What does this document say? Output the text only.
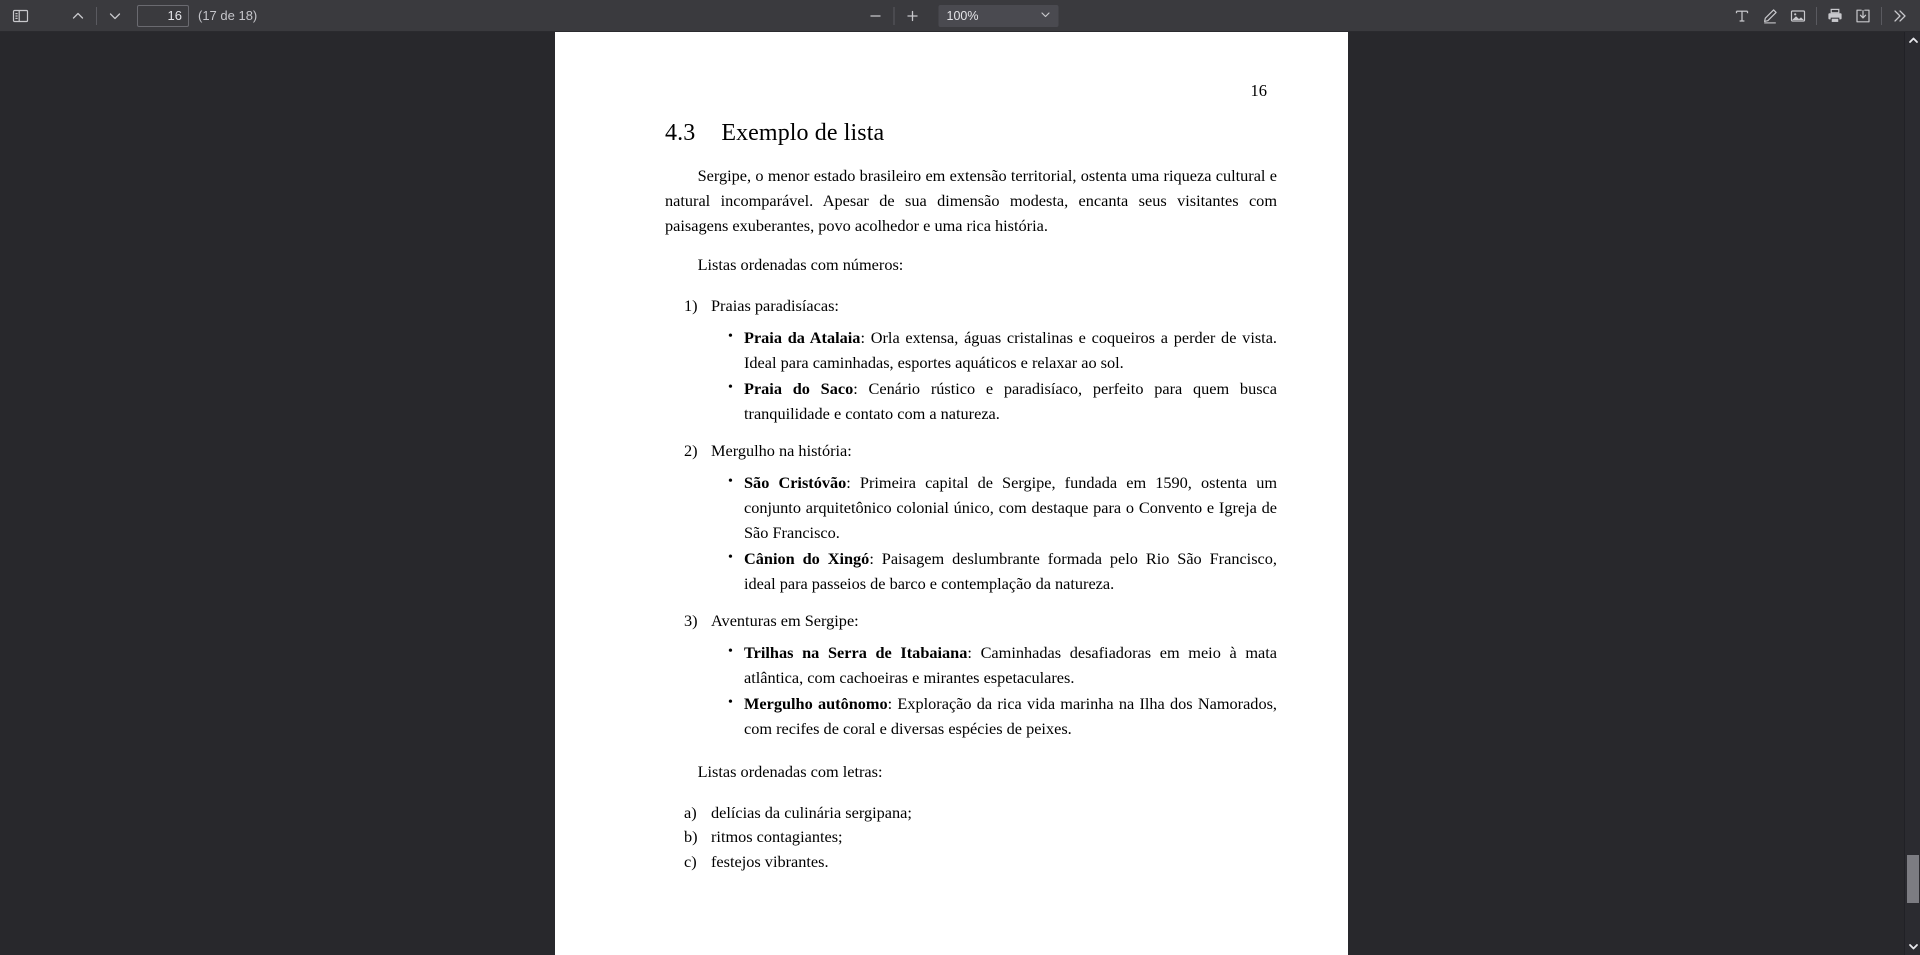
16
(17 de 18)	100%
16
4.3 Exemplo de lista

Sergipe, o menor estado brasileiro em extensão territorial, ostenta uma riqueza cultural e natural incomparável. Apesar de sua dimensão modesta, encanta seus visitantes com paisagens exuberantes, povo acolhedor e uma rica história.

Listas ordenadas com números:

1) Praias paradisíacas:
• Praia da Atalaia: Orla extensa, águas cristalinas e coqueiros a perder de vista. Ideal para caminhadas, esportes aquáticos e relaxar ao sol.
• Praia do Saco: Cenário rústico e paradisíaco, perfeito para quem busca tranquilidade e contato com a natureza.
2) Mergulho na história:
• São Cristóvão: Primeira capital de Sergipe, fundada em 1590, ostenta um conjunto arquitetônico colonial único, com destaque para o Convento e Igreja de São Francisco.
• Cânion do Xingó: Paisagem deslumbrante formada pelo Rio São Francisco, ideal para passeios de barco e contemplação da natureza.
3) Aventuras em Sergipe:
• Trilhas na Serra de Itabaiana: Caminhadas desafiadoras em meio à mata atlântica, com cachoeiras e mirantes espetaculares.
• Mergulho autônomo: Exploração da rica vida marinha na Ilha dos Namorados, com recifes de coral e diversas espécies de peixes.

Listas ordenadas com letras:

a) delícias da culinária sergipana;
b) ritmos contagiantes;
c) festejos vibrantes.
